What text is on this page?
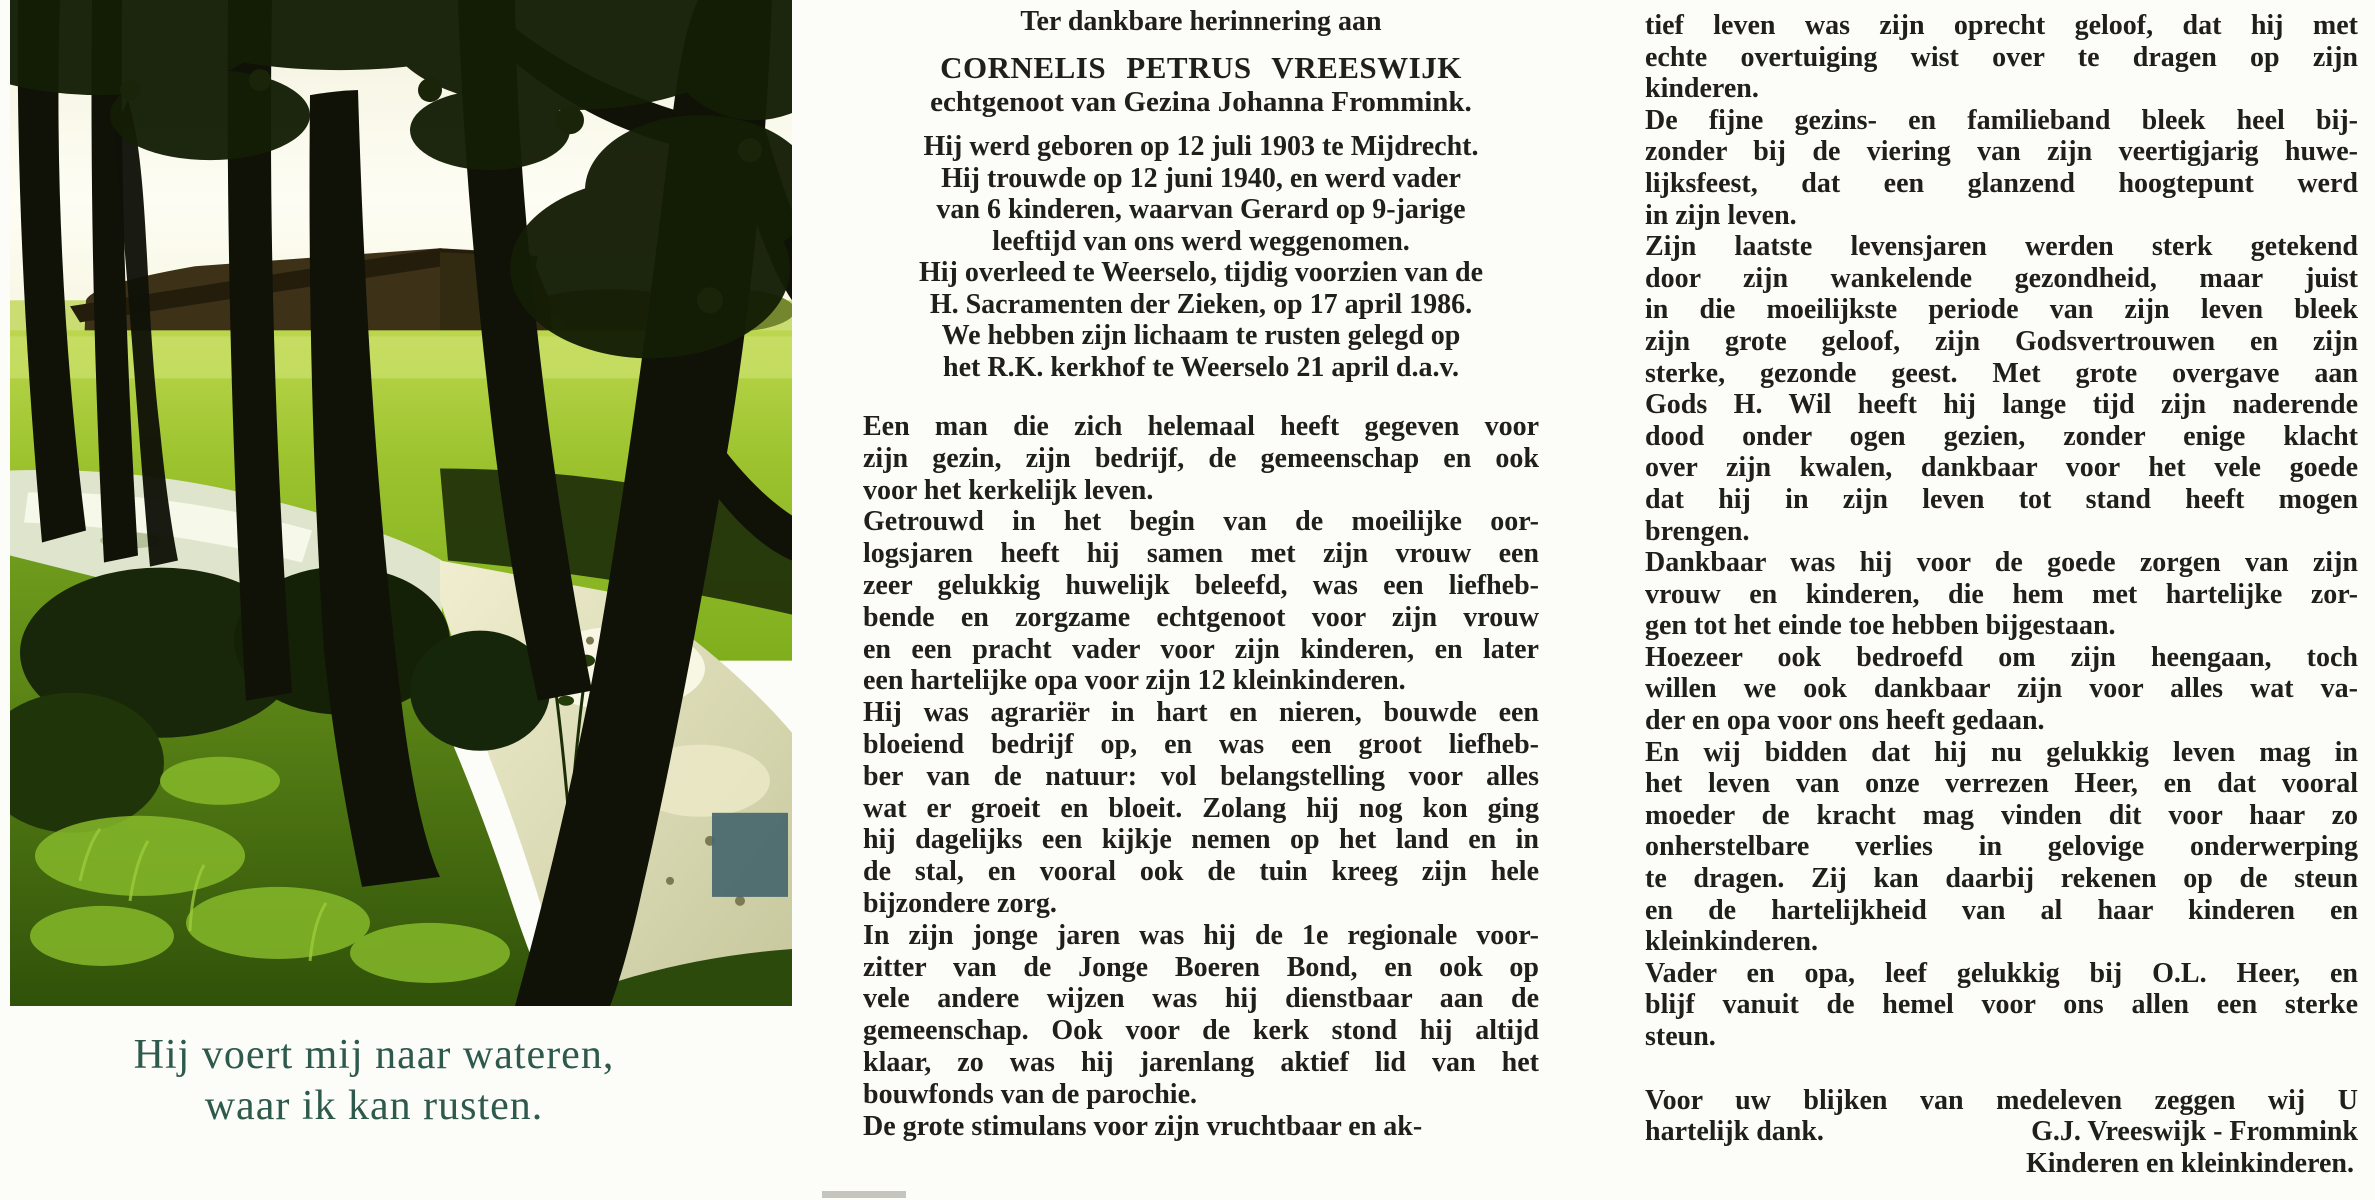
Hij voert mij naar wateren,
waar ik kan rusten.
Ter dankbare herinnering aan
CORNELIS PETRUS VREESWIJK
echtgenoot van Gezina Johanna Frommink.
Hij werd geboren op 12 juli 1903 te Mijdrecht.
Hij trouwde op 12 juni 1940, en werd vader
van 6 kinderen, waarvan Gerard op 9-jarige
leeftijd van ons werd weggenomen.
Hij overleed te Weerselo, tijdig voorzien van de
H. Sacramenten der Zieken, op 17 april 1986.
We hebben zijn lichaam te rusten gelegd op
het R.K. kerkhof te Weerselo 21 april d.a.v.
Een man die zich helemaal heeft gegeven voor
zijn gezin, zijn bedrijf, de gemeenschap en ook
voor het kerkelijk leven.
Getrouwd in het begin van de moeilijke oor-
logsjaren heeft hij samen met zijn vrouw een
zeer gelukkig huwelijk beleefd, was een liefheb-
bende en zorgzame echtgenoot voor zijn vrouw
en een pracht vader voor zijn kinderen, en later
een hartelijke opa voor zijn 12 kleinkinderen.
Hij was agrariër in hart en nieren, bouwde een
bloeiend bedrijf op, en was een groot liefheb-
ber van de natuur: vol belangstelling voor alles
wat er groeit en bloeit. Zolang hij nog kon ging
hij dagelijks een kijkje nemen op het land en in
de stal, en vooral ook de tuin kreeg zijn hele
bijzondere zorg.
In zijn jonge jaren was hij de 1e regionale voor-
zitter van de Jonge Boeren Bond, en ook op
vele andere wijzen was hij dienstbaar aan de
gemeenschap. Ook voor de kerk stond hij altijd
klaar, zo was hij jarenlang aktief lid van het
bouwfonds van de parochie.
De grote stimulans voor zijn vruchtbaar en ak-
tief leven was zijn oprecht geloof, dat hij met
echte overtuiging wist over te dragen op zijn
kinderen.
De fijne gezins- en familieband bleek heel bij-
zonder bij de viering van zijn veertigjarig huwe-
lijksfeest, dat een glanzend hoogtepunt werd
in zijn leven.
Zijn laatste levensjaren werden sterk getekend
door zijn wankelende gezondheid, maar juist
in die moeilijkste periode van zijn leven bleek
zijn grote geloof, zijn Godsvertrouwen en zijn
sterke, gezonde geest. Met grote overgave aan
Gods H. Wil heeft hij lange tijd zijn naderende
dood onder ogen gezien, zonder enige klacht
over zijn kwalen, dankbaar voor het vele goede
dat hij in zijn leven tot stand heeft mogen
brengen.
Dankbaar was hij voor de goede zorgen van zijn
vrouw en kinderen, die hem met hartelijke zor-
gen tot het einde toe hebben bijgestaan.
Hoezeer ook bedroefd om zijn heengaan, toch
willen we ook dankbaar zijn voor alles wat va-
der en opa voor ons heeft gedaan.
En wij bidden dat hij nu gelukkig leven mag in
het leven van onze verrezen Heer, en dat vooral
moeder de kracht mag vinden dit voor haar zo
onherstelbare verlies in gelovige onderwerping
te dragen. Zij kan daarbij rekenen op de steun
en de hartelijkheid van al haar kinderen en
kleinkinderen.
Vader en opa, leef gelukkig bij O.L. Heer, en
blijf vanuit de hemel voor ons allen een sterke
steun.
Voor uw blijken van medeleven zeggen wij U
hartelijk dank.	G.J. Vreeswijk - Frommink
Kinderen en kleinkinderen.
